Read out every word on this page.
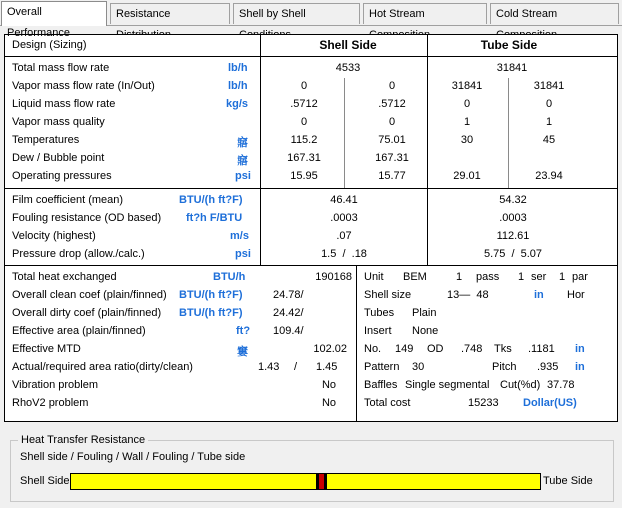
Overall Performance
Resistance	Shell by Shell	Hot Stream	Cold Stream
Design (Sizing)	Shell Side	Tube Side
Total mass flow rate	lb/h	4533	31841
Vapor mass flow rate (In/Out)	lb/h	0	0	31841	31841
Liquid mass flow rate	kg/s	.5712	.5712	0	0
Vapor mass quality	0	0	1	1
Temperatures	窹	115.2	75.01	30	45
Dew / Bubble point	窹	167.31	167.31
Operating pressures	psi	15.95	15.77	29.01	23.94
Film coefficient (mean)	BTU/(h ft?F)	46.41	54.32
Fouling resistance (OD based) ft?h F/BTU	.0003	.0003
Velocity (highest)	m/s	.07	112.61
Pressure drop (allow./calc.)	psi	1.5  /  .18	5.75  /  5.07
Total heat exchanged	BTU/h	190168
Overall clean coef (plain/finned) BTU/(h ft?F)	24.78/
Overall dirty coef (plain/finned) BTU/(h ft?F)	24.42/
Effective area (plain/finned)	ft? 109.4/
Effective MTD	窶	102.02
Actual/required area ratio(dirty/clean)	1.43 / 1.45
Vibration problem	No
RhoV2 problem	No
Unit BEM	1 pass 1 ser 1 par
Shell size	13—  48	in Hor
Tubes Plain
Insert None
No. 149 OD .748 Tks .1181 in
Pattern 30	Pitch .935 in
Baffles Single segmental Cut(%d) 37.78
Total cost	15233 Dollar(US)
Heat Transfer Resistance
Shell side / Fouling / Wall / Fouling / Tube side
Shell Side	Tube Side
